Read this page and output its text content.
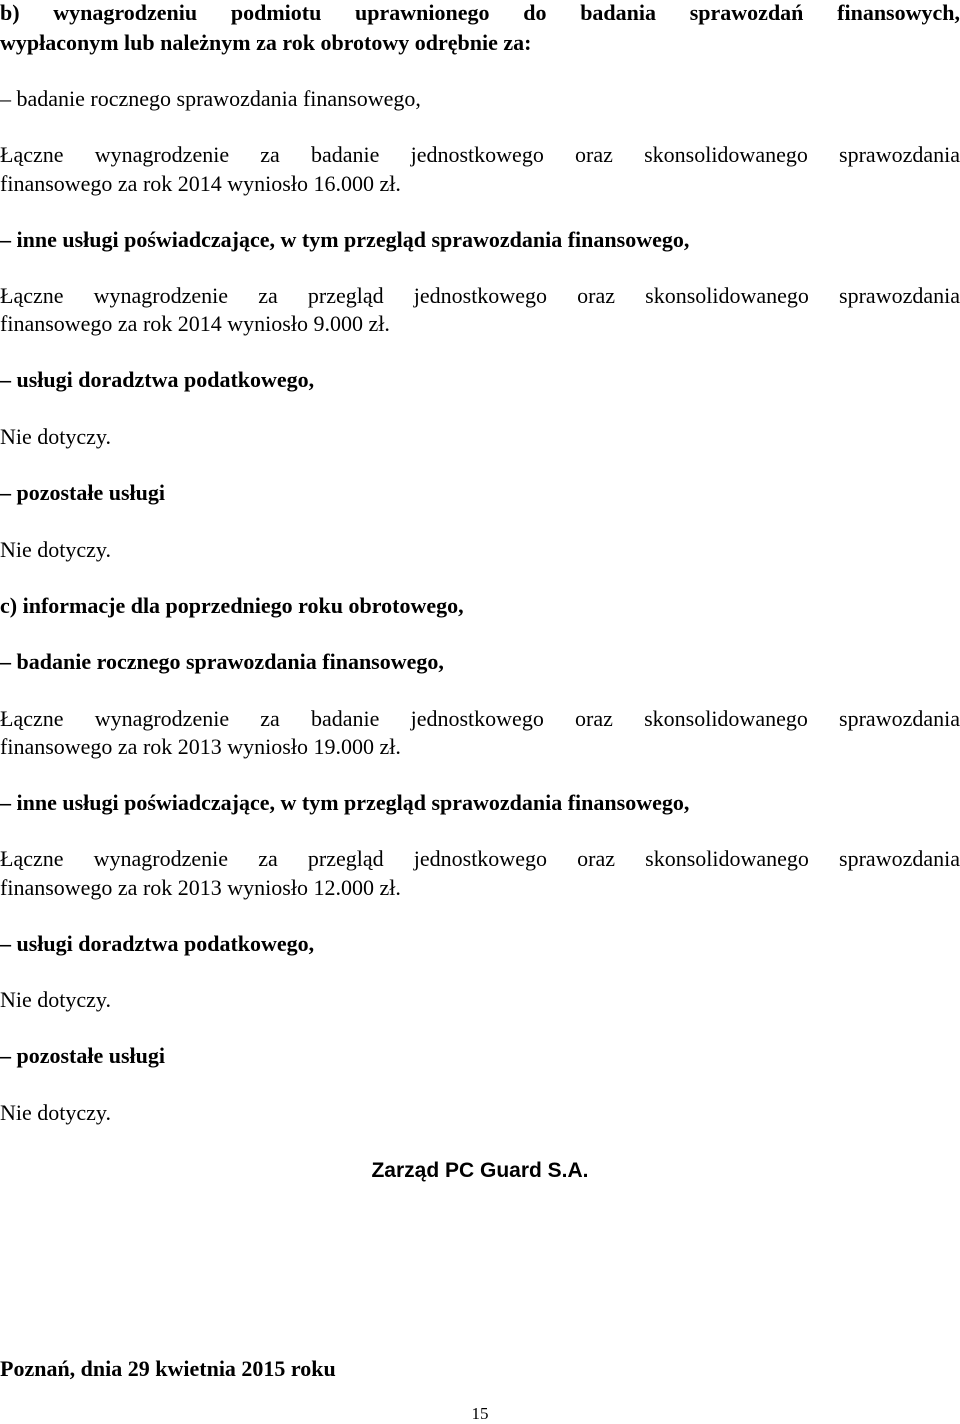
b) wynagrodzeniu podmiotu uprawnionego do badania sprawozdań finansowych,

wypłaconym lub należnym za rok obrotowy odrębnie za:

– badanie rocznego sprawozdania finansowego,

Łączne wynagrodzenie za badanie jednostkowego oraz skonsolidowanego sprawozdania

finansowego za rok 2014 wyniosło 16.000 zł.

– inne usługi poświadczające, w tym przegląd sprawozdania finansowego,

Łączne wynagrodzenie za przegląd jednostkowego oraz skonsolidowanego sprawozdania

finansowego za rok 2014 wyniosło 9.000 zł.

– usługi doradztwa podatkowego,

Nie dotyczy.

– pozostałe usługi

Nie dotyczy.

c) informacje dla poprzedniego roku obrotowego,

– badanie rocznego sprawozdania finansowego,

Łączne wynagrodzenie za badanie jednostkowego oraz skonsolidowanego sprawozdania

finansowego za rok 2013 wyniosło 19.000 zł.

– inne usługi poświadczające, w tym przegląd sprawozdania finansowego,

Łączne wynagrodzenie za przegląd jednostkowego oraz skonsolidowanego sprawozdania

finansowego za rok 2013 wyniosło 12.000 zł.

– usługi doradztwa podatkowego,

Nie dotyczy.

– pozostałe usługi

Nie dotyczy.

Zarząd PC Guard S.A.

Poznań, dnia 29 kwietnia 2015 roku

15
